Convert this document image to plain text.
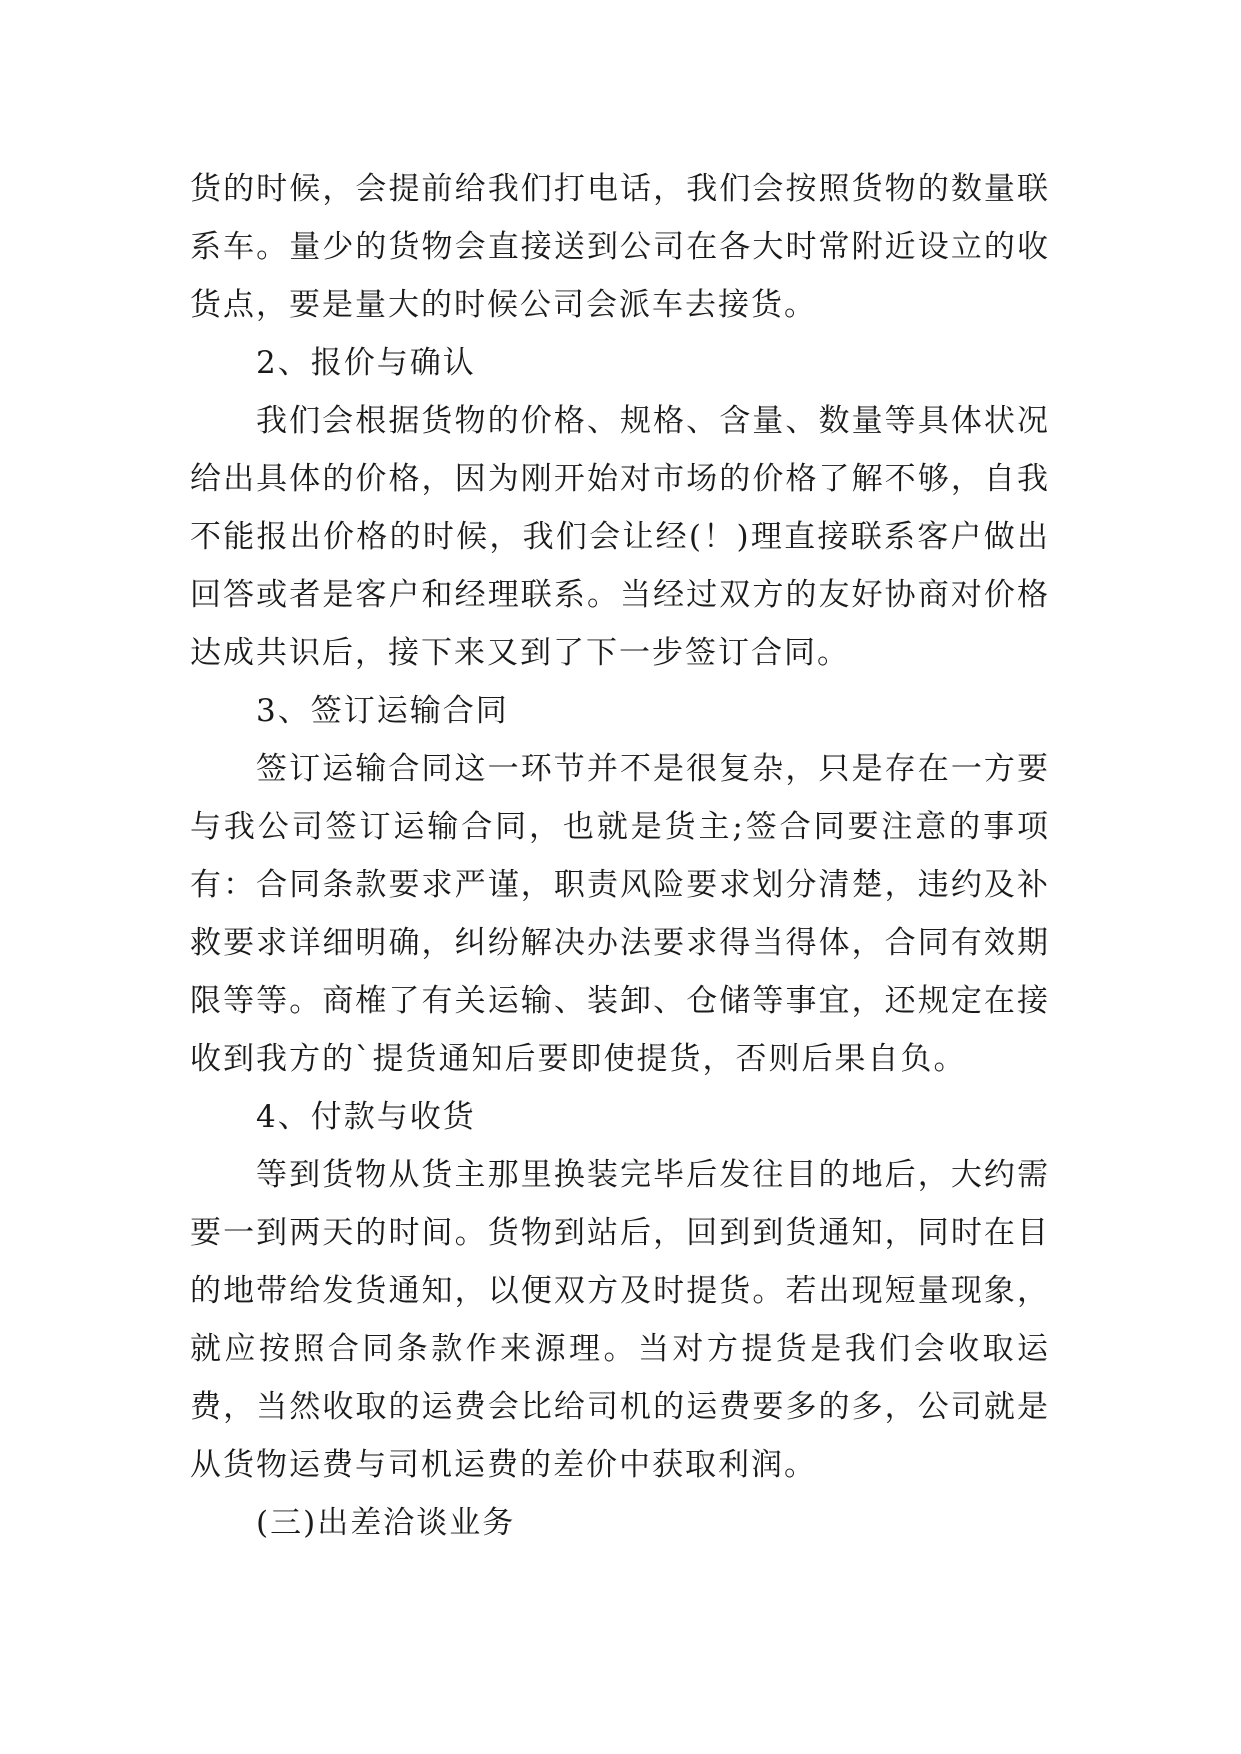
货的时候，会提前给我们打电话，我们会按照货物的数量联系车。量少的货物会直接送到公司在各大时常附近设立的收货点，要是量大的时候公司会派车去接货。

2、报价与确认

我们会根据货物的价格、规格、含量、数量等具体状况给出具体的价格，因为刚开始对市场的价格了解不够，自我不能报出价格的时候，我们会让经(！)理直接联系客户做出回答或者是客户和经理联系。当经过双方的友好协商对价格达成共识后，接下来又到了下一步签订合同。

3、签订运输合同

签订运输合同这一环节并不是很复杂，只是存在一方要与我公司签订运输合同，也就是货主;签合同要注意的事项有：合同条款要求严谨，职责风险要求划分清楚，违约及补救要求详细明确，纠纷解决办法要求得当得体，合同有效期限等等。商榷了有关运输、装卸、仓储等事宜，还规定在接收到我方的`提货通知后要即使提货，否则后果自负。

4、付款与收货

等到货物从货主那里换装完毕后发往目的地后，大约需要一到两天的时间。货物到站后，回到到货通知，同时在目的地带给发货通知，以便双方及时提货。若出现短量现象，就应按照合同条款作来源理。当对方提货是我们会收取运费，当然收取的运费会比给司机的运费要多的多，公司就是从货物运费与司机运费的差价中获取利润。

(三)出差洽谈业务
